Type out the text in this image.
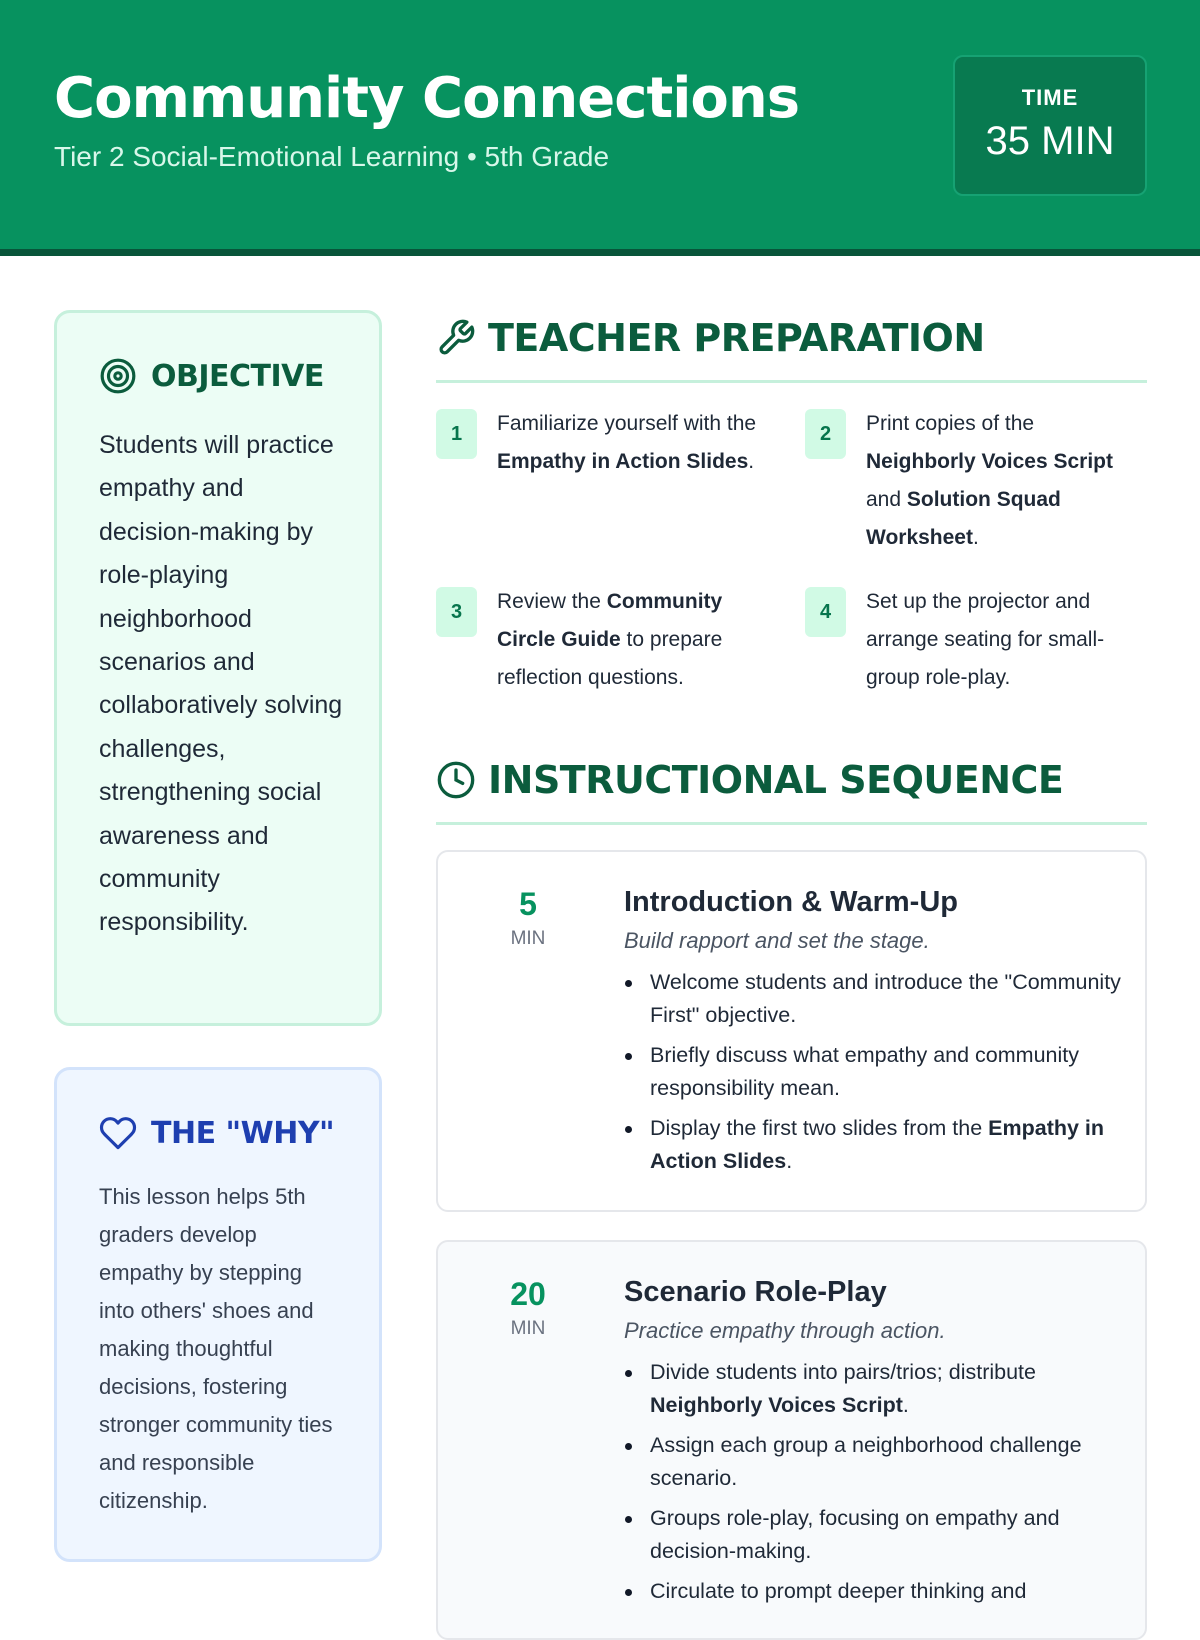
Community Connections
Tier 2 Social-Emotional Learning • 5th Grade
TIME
35 MIN
OBJECTIVE

Students will practice empathy and decision-making by role-playing neighborhood scenarios and collaboratively solving challenges, strengthening social awareness and community responsibility.

THE "WHY"

This lesson helps 5th graders develop empathy by stepping into others' shoes and making thoughtful decisions, fostering stronger community ties and responsible citizenship.

TEACHER PREPARATION
1	Familiarize yourself with the Empathy in Action Slides.
2	Print copies of the Neighborly Voices Script and Solution Squad Worksheet.
3	Review the Community Circle Guide to prepare reflection questions.
4	Set up the projector and arrange seating for small-group role-play.
INSTRUCTIONAL SEQUENCE
5
MIN
Introduction & Warm-Up
Build rapport and set the stage.
Welcome students and introduce the "Community First" objective.
Briefly discuss what empathy and community responsibility mean.
Display the first two slides from the Empathy in Action Slides.
20
MIN
Scenario Role-Play
Practice empathy through action.
Divide students into pairs/trios; distribute Neighborly Voices Script.
Assign each group a neighborhood challenge scenario.
Groups role-play, focusing on empathy and decision-making.
Circulate to prompt deeper thinking and
